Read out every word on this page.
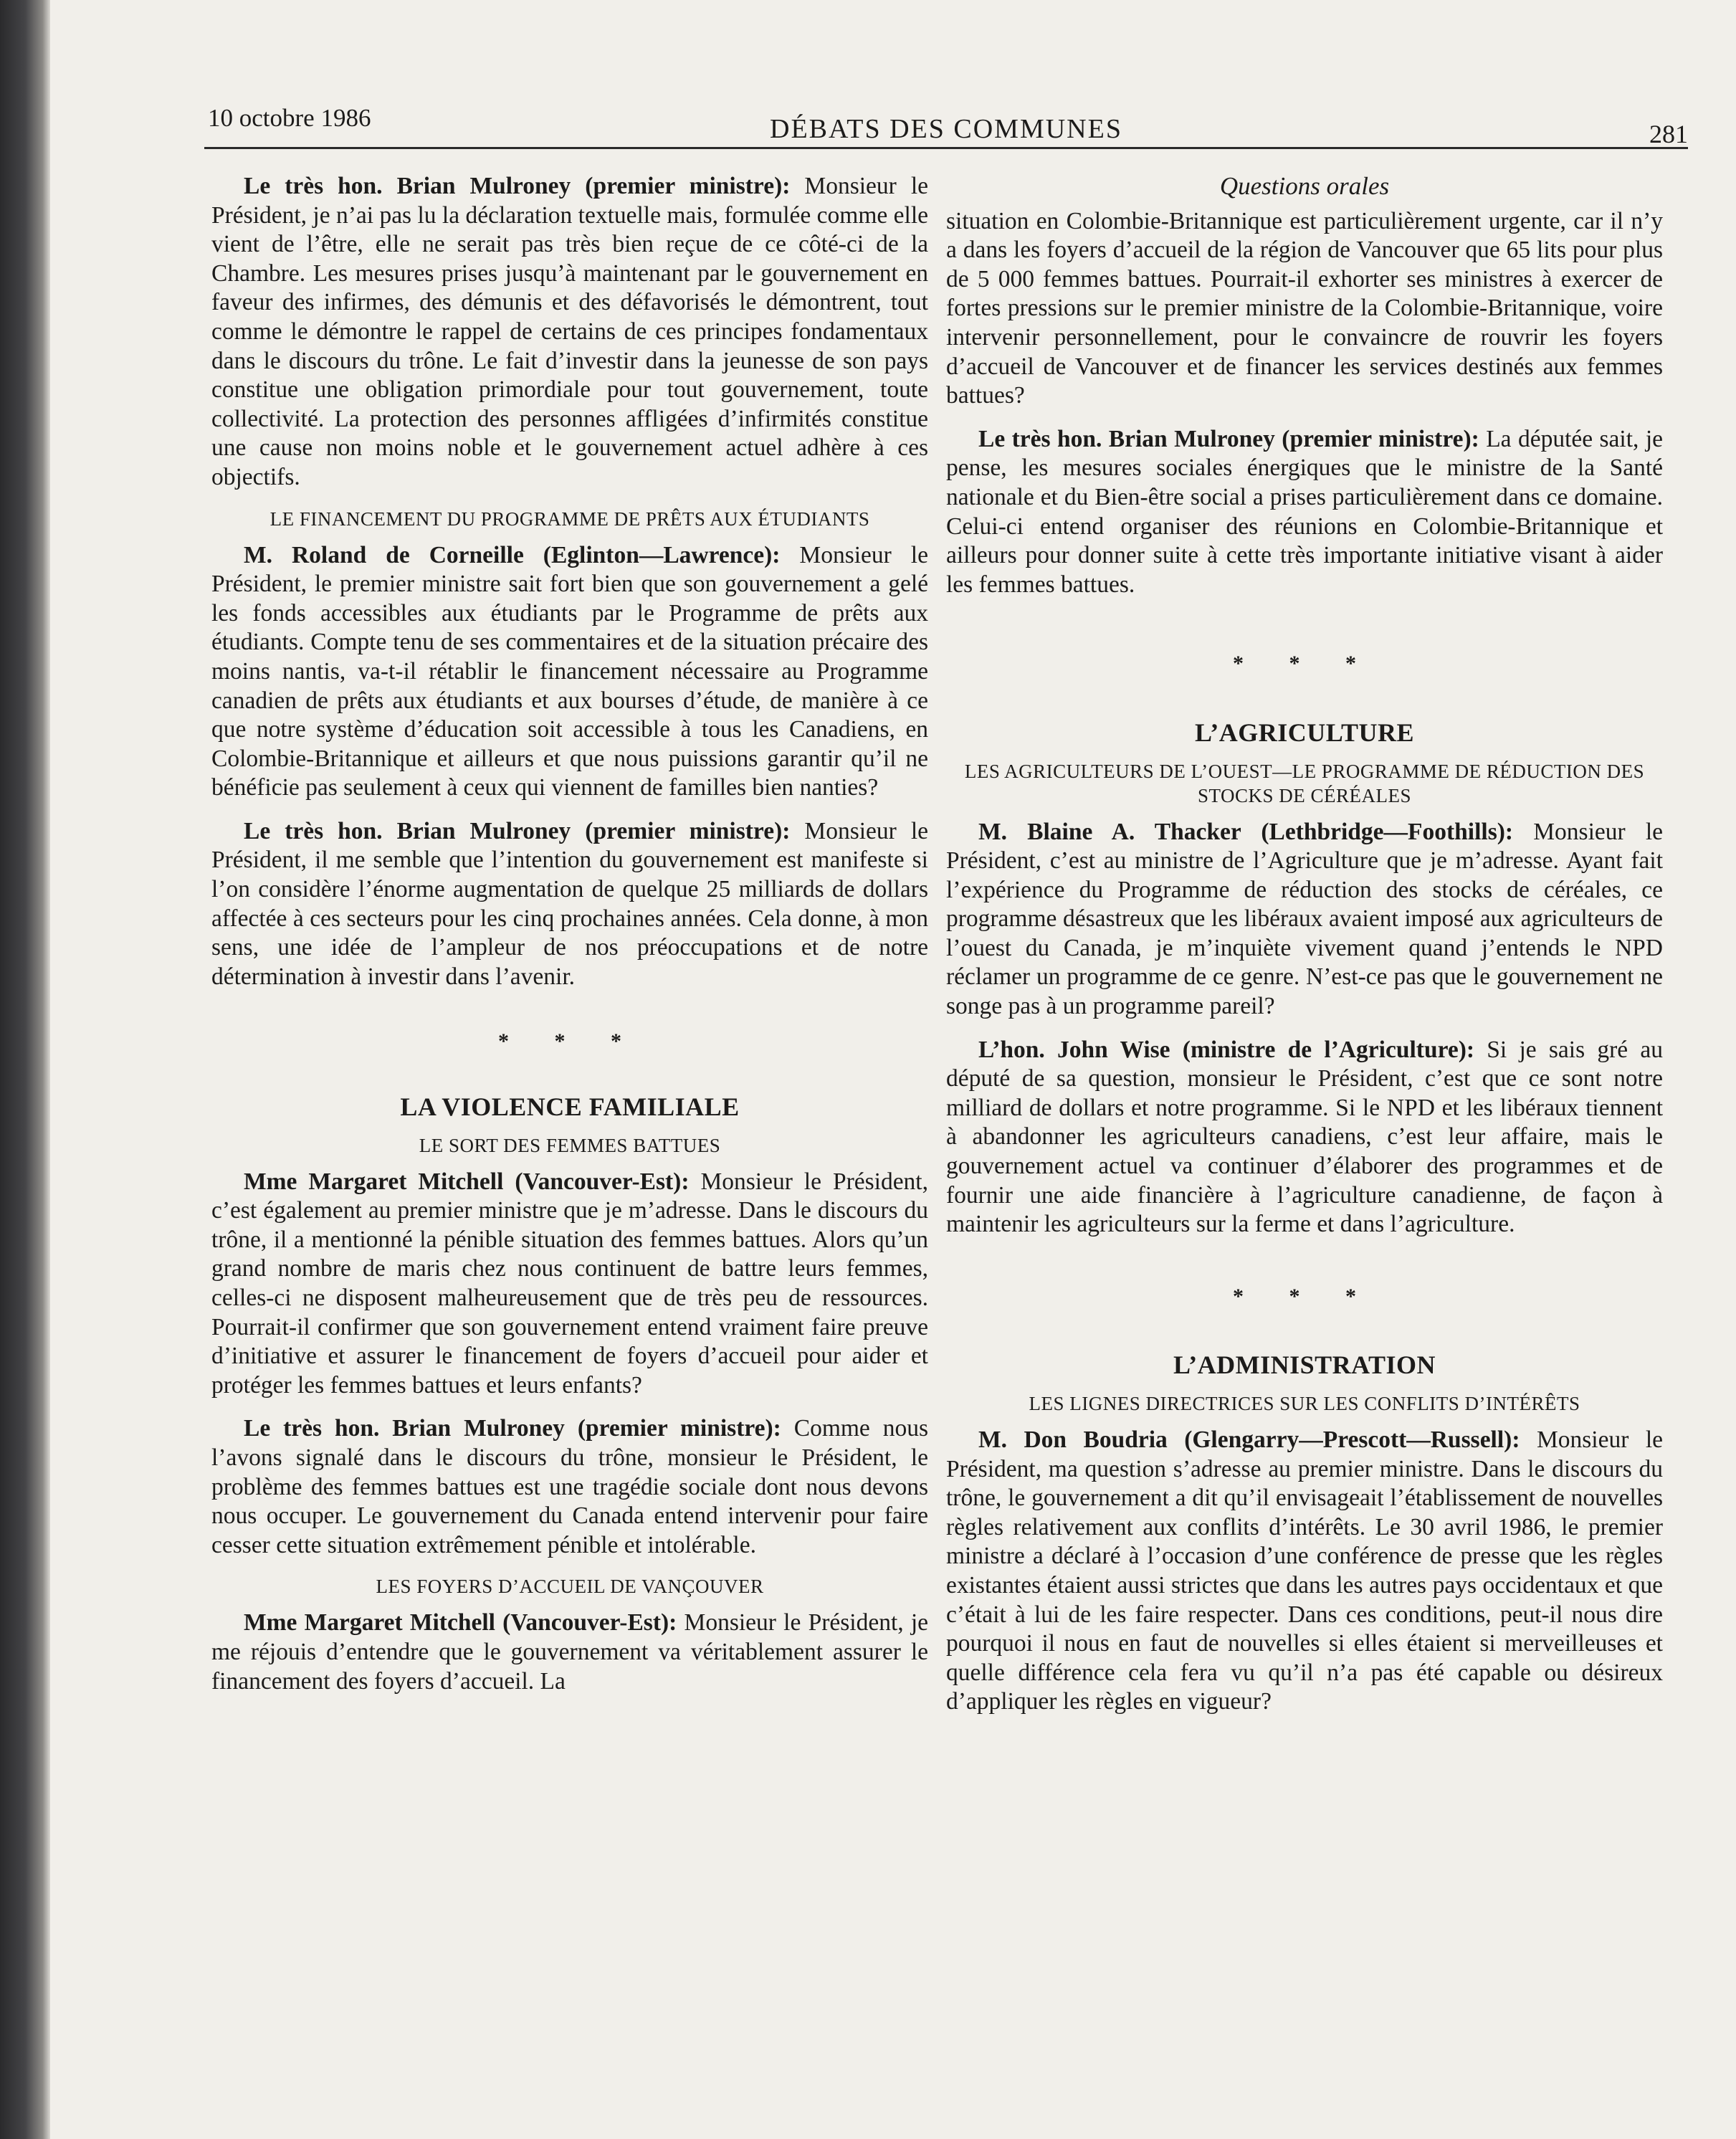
10 octobre 1986	DÉBATS DES COMMUNES	281

Le très hon. Brian Mulroney (premier ministre): Monsieur le Président, je n’ai pas lu la déclaration textuelle mais, formulée comme elle vient de l’être, elle ne serait pas très bien reçue de ce côté-ci de la Chambre. Les mesures prises jusqu’à maintenant par le gouvernement en faveur des infirmes, des démunis et des défavorisés le démontrent, tout comme le démontre le rappel de certains de ces principes fondamentaux dans le discours du trône. Le fait d’investir dans la jeunesse de son pays constitue une obligation primordiale pour tout gouvernement, toute collectivité. La protection des personnes affligées d’infirmités constitue une cause non moins noble et le gouvernement actuel adhère à ces objectifs.

LE FINANCEMENT DU PROGRAMME DE PRÊTS AUX ÉTUDIANTS

M. Roland de Corneille (Eglinton—Lawrence): Monsieur le Président, le premier ministre sait fort bien que son gouvernement a gelé les fonds accessibles aux étudiants par le Programme de prêts aux étudiants. Compte tenu de ses commentaires et de la situation précaire des moins nantis, va-t-il rétablir le financement nécessaire au Programme canadien de prêts aux étudiants et aux bourses d’étude, de manière à ce que notre système d’éducation soit accessible à tous les Canadiens, en Colombie-Britannique et ailleurs et que nous puissions garantir qu’il ne bénéficie pas seulement à ceux qui viennent de familles bien nanties?

Le très hon. Brian Mulroney (premier ministre): Monsieur le Président, il me semble que l’intention du gouvernement est manifeste si l’on considère l’énorme augmentation de quelque 25 milliards de dollars affectée à ces secteurs pour les cinq prochaines années. Cela donne, à mon sens, une idée de l’ampleur de nos préoccupations et de notre détermination à investir dans l’avenir.

* * *
LA VIOLENCE FAMILIALE
LE SORT DES FEMMES BATTUES

Mme Margaret Mitchell (Vancouver-Est): Monsieur le Président, c’est également au premier ministre que je m’adresse. Dans le discours du trône, il a mentionné la pénible situation des femmes battues. Alors qu’un grand nombre de maris chez nous continuent de battre leurs femmes, celles-ci ne disposent malheureusement que de très peu de ressources. Pourrait-il confirmer que son gouvernement entend vraiment faire preuve d’initiative et assurer le financement de foyers d’accueil pour aider et protéger les femmes battues et leurs enfants?

Le très hon. Brian Mulroney (premier ministre): Comme nous l’avons signalé dans le discours du trône, monsieur le Président, le problème des femmes battues est une tragédie sociale dont nous devons nous occuper. Le gouvernement du Canada entend intervenir pour faire cesser cette situation extrêmement pénible et intolérable.

LES FOYERS D’ACCUEIL DE VANÇOUVER

Mme Margaret Mitchell (Vancouver-Est): Monsieur le Président, je me réjouis d’entendre que le gouvernement va véritablement assurer le financement des foyers d’accueil. La

Questions orales

situation en Colombie-Britannique est particulièrement urgente, car il n’y a dans les foyers d’accueil de la région de Vancouver que 65 lits pour plus de 5 000 femmes battues. Pourrait-il exhorter ses ministres à exercer de fortes pressions sur le premier ministre de la Colombie-Britannique, voire intervenir personnellement, pour le convaincre de rouvrir les foyers d’accueil de Vancouver et de financer les services destinés aux femmes battues?

Le très hon. Brian Mulroney (premier ministre): La députée sait, je pense, les mesures sociales énergiques que le ministre de la Santé nationale et du Bien-être social a prises particulièrement dans ce domaine. Celui-ci entend organiser des réunions en Colombie-Britannique et ailleurs pour donner suite à cette très importante initiative visant à aider les femmes battues.

* * *
L’AGRICULTURE
LES AGRICULTEURS DE L’OUEST—LE PROGRAMME DE RÉDUCTION DES STOCKS DE CÉRÉALES

M. Blaine A. Thacker (Lethbridge—Foothills): Monsieur le Président, c’est au ministre de l’Agriculture que je m’adresse. Ayant fait l’expérience du Programme de réduction des stocks de céréales, ce programme désastreux que les libéraux avaient imposé aux agriculteurs de l’ouest du Canada, je m’inquiète vivement quand j’entends le NPD réclamer un programme de ce genre. N’est-ce pas que le gouvernement ne songe pas à un programme pareil?

L’hon. John Wise (ministre de l’Agriculture): Si je sais gré au député de sa question, monsieur le Président, c’est que ce sont notre milliard de dollars et notre programme. Si le NPD et les libéraux tiennent à abandonner les agriculteurs canadiens, c’est leur affaire, mais le gouvernement actuel va continuer d’élaborer des programmes et de fournir une aide financière à l’agriculture canadienne, de façon à maintenir les agriculteurs sur la ferme et dans l’agriculture.

* * *
L’ADMINISTRATION
LES LIGNES DIRECTRICES SUR LES CONFLITS D’INTÉRÊTS

M. Don Boudria (Glengarry—Prescott—Russell): Monsieur le Président, ma question s’adresse au premier ministre. Dans le discours du trône, le gouvernement a dit qu’il envisageait l’établissement de nouvelles règles relativement aux conflits d’intérêts. Le 30 avril 1986, le premier ministre a déclaré à l’occasion d’une conférence de presse que les règles existantes étaient aussi strictes que dans les autres pays occidentaux et que c’était à lui de les faire respecter. Dans ces conditions, peut-il nous dire pourquoi il nous en faut de nouvelles si elles étaient si merveilleuses et quelle différence cela fera vu qu’il n’a pas été capable ou désireux d’appliquer les règles en vigueur?
